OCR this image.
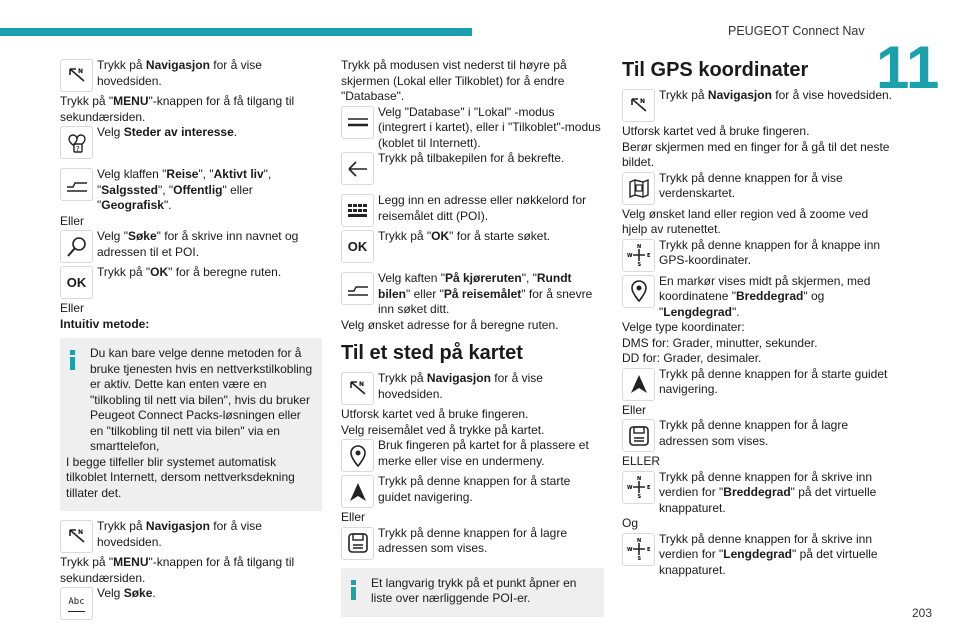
PEUGEOT Connect Nav
11
N	Trykk på Navigasjon for å vise hovedsiden.

Trykk på "MENU"-knappen for å få tilgang til sekundærsiden.

?

Velg Steder av interesse.

Velg klaffen "Reise", "Aktivt liv", "Salgssted", "Offentlig" eller "Geografisk".

Eller

Velg "Søke" for å skrive inn navnet og adressen til et POI.

OK

Trykk på "OK" for å beregne ruten.

Eller

Intuitiv metode:

Du kan bare velge denne metoden for å bruke tjenesten hvis en nettverkstilkobling er aktiv. Dette kan enten være en "tilkobling til nett via bilen", hvis du bruker Peugeot Connect Packs-løsningen eller en "tilkobling til nett via bilen" via en smarttelefon,

I begge tilfeller blir systemet automatisk tilkoblet Internett, dersom nettverksdekning tillater det.

N	Trykk på Navigasjon for å vise hovedsiden.

Trykk på "MENU"-knappen for å få tilgang til sekundærsiden.

Abc

Velg Søke.

Trykk på modusen vist nederst til høyre på skjermen (Lokal eller Tilkoblet) for å endre "Database".

Velg "Database" i "Lokal" -modus (integrert i kartet), eller i "Tilkoblet"-modus (koblet til Internett).

Trykk på tilbakepilen for å bekrefte.

Legg inn en adresse eller nøkkelord for reisemålet ditt (POI).

OK

Trykk på "OK" for å starte søket.

Velg kaften "På kjøreruten", "Rundt bilen" eller "På reisemålet" for å snevre inn søket ditt.

Velg ønsket adresse for å beregne ruten.

Til et sted på kartet
N	Trykk på Navigasjon for å vise hovedsiden.

Utforsk kartet ved å bruke fingeren.

Velg reisemålet ved å trykke på kartet.

Bruk fingeren på kartet for å plassere et merke eller vise en undermeny.

Trykk på denne knappen for å starte guidet navigering.

Eller

Trykk på denne knappen for å lagre adressen som vises.

Et langvarig trykk på et punkt åpner en liste over nærliggende POI-er.

Til GPS koordinater
N	Trykk på Navigasjon for å vise hovedsiden.

Utforsk kartet ved å bruke fingeren.

Berør skjermen med en finger for å gå til det neste bildet.

Trykk på denne knappen for å vise verdenskartet.

Velg ønsket land eller region ved å zoome ved hjelp av rutenettet.

N
S
W	E

Trykk på denne knappen for å knappe inn GPS-koordinater.

En markør vises midt på skjermen, med koordinatene "Breddegrad" og "Lengdegrad".

Velge type koordinater:

DMS for: Grader, minutter, sekunder.

DD for: Grader, desimaler.

Trykk på denne knappen for å starte guidet navigering.

Eller

Trykk på denne knappen for å lagre adressen som vises.

ELLER

N
S
W	E

Trykk på denne knappen for å skrive inn verdien for "Breddegrad" på det virtuelle knappaturet.

Og

N
S
W	E

Trykk på denne knappen for å skrive inn verdien for "Lengdegrad" på det virtuelle knappaturet.

203
